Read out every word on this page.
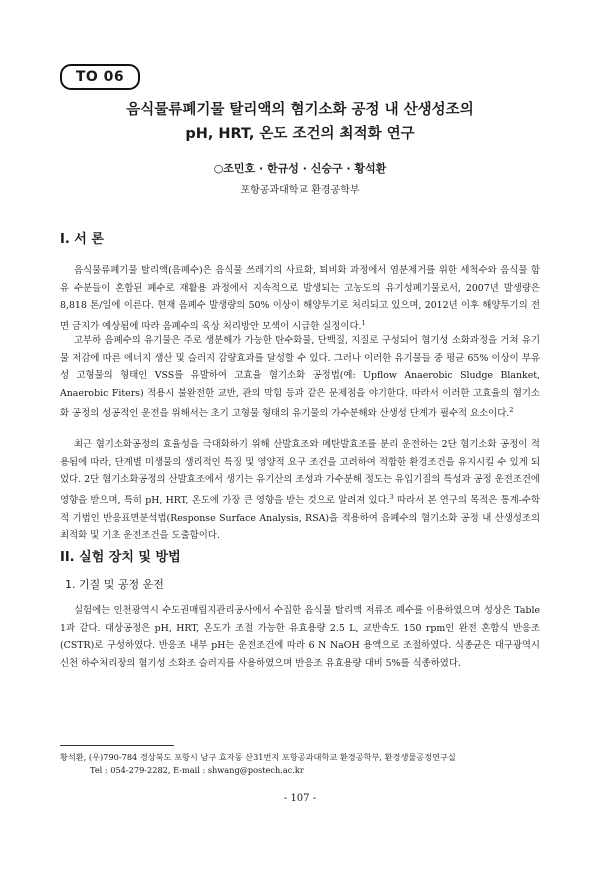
TO 06
음식물류폐기물 탈리액의 혐기소화 공정 내 산생성조의
pH, HRT, 온도 조건의 최적화 연구
○조민호 · 한규성 · 신승구 · 황석환
포항공과대학교 환경공학부
I. 서 론

음식물류폐기물 탈리액(음폐수)은 음식물 쓰레기의 사료화, 퇴비화 과정에서 염분제거를 위한 세척수와 음식물 함유 수분들이 혼합된 폐수로 재활용 과정에서 지속적으로 발생되는 고농도의 유기성폐기물로서, 2007년 발생량은 8,818 톤/일에 이른다. 현재 음폐수 발생량의 50% 이상이 해양투기로 처리되고 있으며, 2012년 이후 해양투기의 전면 금지가 예상됨에 따라 음폐수의 육상 처리방안 모색이 시급한 실정이다.$^1$

고부하 음폐수의 유기물은 주로 생분해가 가능한 탄수화물, 단백질, 지질로 구성되어 혐기성 소화과정을 거쳐 유기물 저감에 따른 에너지 생산 및 슬러지 감량효과를 달성할 수 있다. 그러나 이러한 유기물들 중 평균 65% 이상이 부유성 고형물의 형태인 VSS를 유발하여 고효율 혐기소화 공정법(예: Upflow Anaerobic Sludge Blanket, Anaerobic Fiters) 적용시 불완전한 교반, 관의 막힘 등과 같은 문제점을 야기한다. 따라서 이러한 고효율의 혐기소화 공정의 성공적인 운전을 위해서는 초기 고형물 형태의 유기물의 가수분해와 산생성 단계가 필수적 요소이다.$^2$

최근 혐기소화공정의 효율성을 극대화하기 위해 산발효조와 메탄발효조를 분리 운전하는 2단 혐기소화 공정이 적용됨에 따라, 단계별 미생물의 생리적인 특징 및 영양적 요구 조건을 고려하여 적합한 환경조건을 유지시킬 수 있게 되었다. 2단 혐기소화공정의 산발효조에서 생기는 유기산의 조성과 가수분해 정도는 유입기질의 특성과 공정 운전조건에 영향을 받으며, 특히 pH, HRT, 온도에 가장 큰 영향을 받는 것으로 알려져 있다.$^3$ 따라서 본 연구의 목적은 통계-수학적 기법인 반응표면분석법(Response Surface Analysis, RSA)을 적용하여 음폐수의 혐기소화 공정 내 산생성조의 최적화 및 기초 운전조건을 도출함이다.

II. 실험 장치 및 방법
1. 기질 및 공정 운전

실험에는 인천광역시 수도권매립지관리공사에서 수집한 음식물 탈리액 저류조 폐수를 이용하였으며 성상은 Table 1과 같다. 대상공정은 pH, HRT, 온도가 조절 가능한 유효용량 2.5 L, 교반속도 150 rpm인 완전 혼합식 반응조(CSTR)로 구성하였다. 반응조 내부 pH는 운전조건에 따라 6 N NaOH 용액으로 조절하였다. 식종균은 대구광역시 신천 하수처리장의 혐기성 소화조 슬러지를 사용하였으며 반응조 유효용량 대비 5%를 식종하였다.

황석환, (우)790-784 경상북도 포항시 남구 효자동 산31번지 포항공과대학교 환경공학부, 환경생물공정연구실

Tel : 054-279-2282, E-mail : shwang@postech.ac.kr

- 107 -
